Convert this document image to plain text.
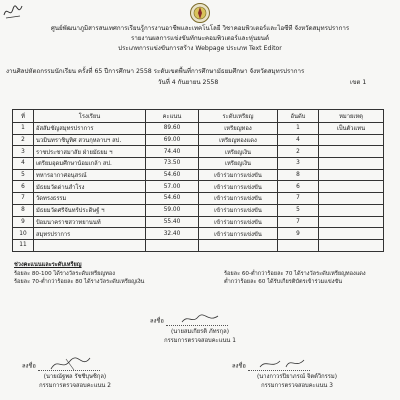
ศูนย์พัฒนาภูมิสารสนเทศการเรียนรู้การงานอาชีพและเทคโนโลยี วิชาคอมพิวเตอร์และไอซีที จังหวัดสมุทรปราการ
รายงานผลการแข่งขันทักษะคอมพิวเตอร์และหุ่นยนต์
ประเภทการแข่งขันการสร้าง Webpage ประเภท Text Editor
งานศิลปหัตถกรรมนักเรียน ครั้งที่ 65 ปีการศึกษา 2558 ระดับเขตพื้นที่การศึกษามัธยมศึกษา จังหวัดสมุทรปราการ
วันที่ 4 กันยายน 2558	เขต 1
ที่	โรงเรียน	คะแนน	ระดับเหรียญ	อันดับ	หมายเหตุ
1	อัสสัมชัญสมุทรปราการ	89.60	เหรียญทอง	1	เป็นตัวแทน
2	นวมินทราชินูทิศ สวนกุหลาบฯ สป.	69.00	เหรียญทองแดง	4	
3	ราชประชาสมาสัย ฝ่ายมัธยม ฯ	74.40	เหรียญเงิน	2	
4	เตรียมอุดมศึกษาน้อมเกล้า สป.	73.50	เหรียญเงิน	3	
5	ทหารอากาศอนุสรณ์	54.60	เข้าร่วมการแข่งขัน	8	
6	มัธยมวัดด่านสำโรง	57.00	เข้าร่วมการแข่งขัน	6	
7	วัดทรงธรรม	54.60	เข้าร่วมการแข่งขัน	7	
8	มัธยมวัดศรีจันทร์ประดิษฐ์ ฯ	59.00	เข้าร่วมการแข่งขัน	5	
9	ป้อมนาคราชสวาทยานนท์	55.40	เข้าร่วมการแข่งขัน	7	
10	สมุทรปราการ	32.40	เข้าร่วมการแข่งขัน	9	
11					
ช่วงคะแนนและระดับเหรียญ
ร้อยละ 80-100 ได้รางวัลระดับเหรียญทอง
ร้อยละ 70-ต่ำกว่าร้อยละ 80 ได้รางวัลระดับเหรียญเงิน
ร้อยละ 60-ต่ำกว่าร้อยละ 70 ได้รางวัลระดับเหรียญทองแดง
ต่ำกว่าร้อยละ 60 ได้รับเกียรติบัตรเข้าร่วมแข่งขัน
ลงชื่อ
(นายสมเกียรติ ภัทรกุล)
กรรมการตรวจสอบคะแนน 1
ลงชื่อ
(นายณัฐพล รัชชีบุษชิกุล)
กรรมการตรวจสอบคะแนน 2
ลงชื่อ
(นางกาวรปิยาภรณ์ จิตต์วิกรรม)
กรรมการตรวจสอบคะแนน 3
